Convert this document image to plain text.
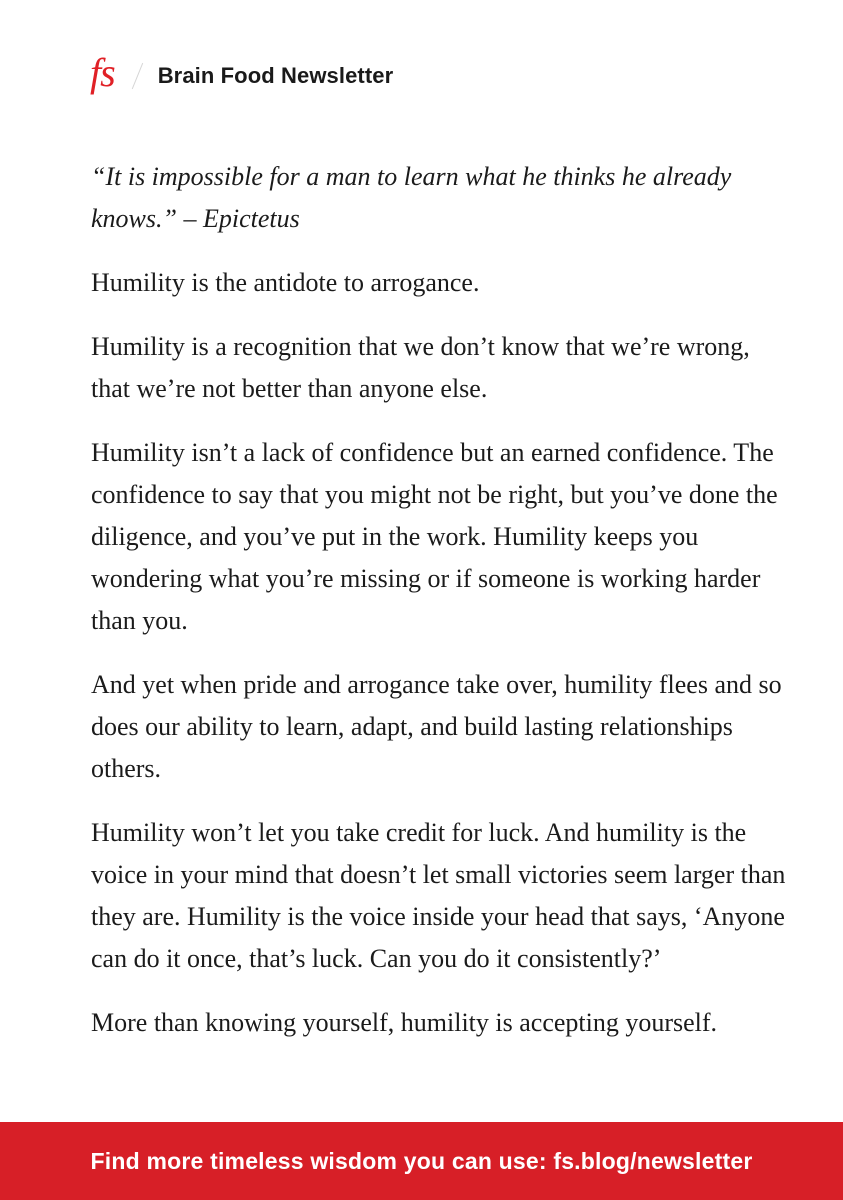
fs Brain Food Newsletter

“It is impossible for a man to learn what he thinks he already knows.” – Epictetus

Humility is the antidote to arrogance.

Humility is a recognition that we don’t know that we’re wrong, that we’re not better than anyone else.

Humility isn’t a lack of confidence but an earned confidence. The confidence to say that you might not be right, but you’ve done the diligence, and you’ve put in the work. Humility keeps you wondering what you’re missing or if someone is working harder than you.

And yet when pride and arrogance take over, humility flees and so does our ability to learn, adapt, and build lasting relationships others.

Humility won’t let you take credit for luck. And humility is the voice in your mind that doesn’t let small victories seem larger than they are. Humility is the voice inside your head that says, ‘Anyone can do it once, that’s luck. Can you do it consistently?’

More than knowing yourself, humility is accepting yourself.

Find more timeless wisdom you can use: fs.blog/newsletter
